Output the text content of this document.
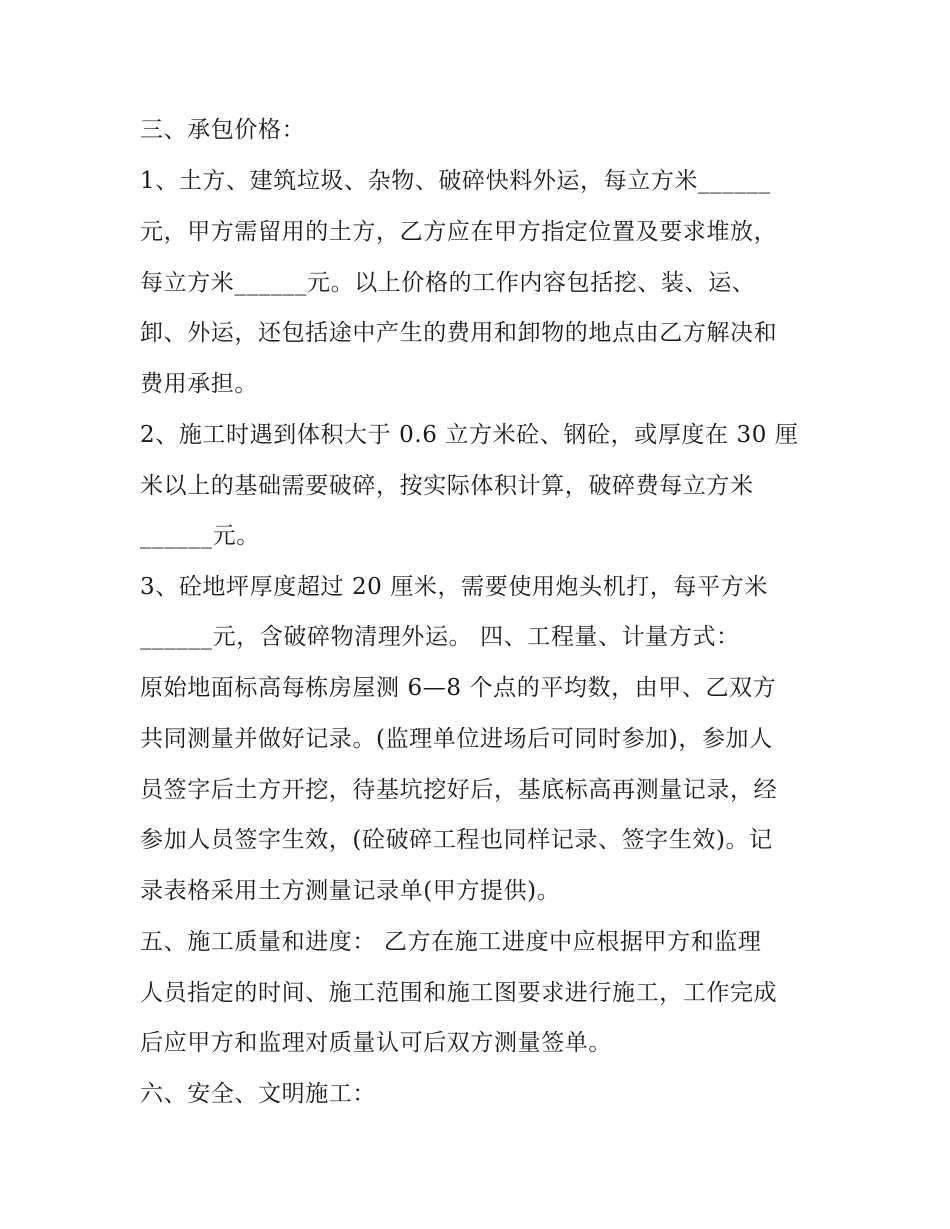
三、承包价格：
1、土方、建筑垃圾、杂物、破碎快料外运，每立方米______
元，甲方需留用的土方，乙方应在甲方指定位置及要求堆放，
每立方米______元。以上价格的工作内容包括挖、装、运、
卸、外运，还包括途中产生的费用和卸物的地点由乙方解决和
费用承担。
2、施工时遇到体积大于 0.6 立方米砼、钢砼，或厚度在 30 厘
米以上的基础需要破碎，按实际体积计算，破碎费每立方米
______元。
3、砼地坪厚度超过 20 厘米，需要使用炮头机打，每平方米
______元，含破碎物清理外运。 四、工程量、计量方式：
原始地面标高每栋房屋测 6—8 个点的平均数，由甲、乙双方
共同测量并做好记录。(监理单位进场后可同时参加)，参加人
员签字后土方开挖，待基坑挖好后，基底标高再测量记录，经
参加人员签字生效，(砼破碎工程也同样记录、签字生效)。记
录表格采用土方测量记录单(甲方提供)。
五、施工质量和进度： 乙方在施工进度中应根据甲方和监理
人员指定的时间、施工范围和施工图要求进行施工，工作完成
后应甲方和监理对质量认可后双方测量签单。
六、安全、文明施工：
